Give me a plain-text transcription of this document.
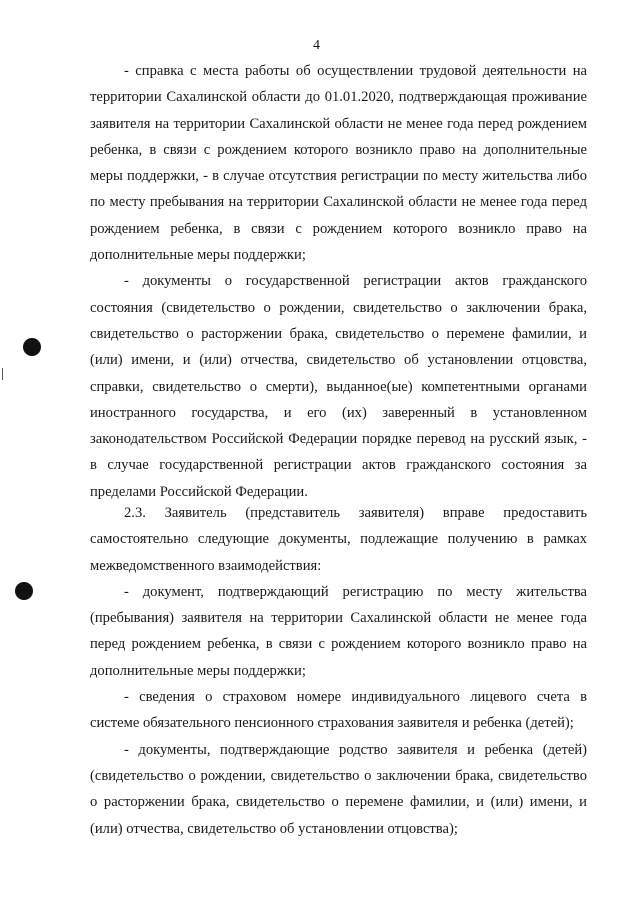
4

- справка с места работы об осуществлении трудовой деятельности на территории Сахалинской области до 01.01.2020, подтверждающая проживание заявителя на территории Сахалинской области не менее года перед рождением ребенка, в связи с рождением которого возникло право на дополнительные меры поддержки, - в случае отсутствия регистрации по месту жительства либо по месту пребывания на территории Сахалинской области не менее года перед рождением ребенка, в связи с рождением которого возникло право на дополнительные меры поддержки;

- документы о государственной регистрации актов гражданского состояния (свидетельство о рождении, свидетельство о заключении брака, свидетельство о расторжении брака, свидетельство о перемене фамилии, и (или) имени, и (или) отчества, свидетельство об установлении отцовства, справки, свидетельство о смерти), выданное(ые) компетентными органами иностранного государства, и его (их) заверенный в установленном законодательством Российской Федерации порядке перевод на русский язык, - в случае государственной регистрации актов гражданского состояния за пределами Российской Федерации.

2.3. Заявитель (представитель заявителя) вправе предоставить самостоятельно следующие документы, подлежащие получению в рамках межведомственного взаимодействия:

- документ, подтверждающий регистрацию по месту жительства (пребывания) заявителя на территории Сахалинской области не менее года перед рождением ребенка, в связи с рождением которого возникло право на дополнительные меры поддержки;

- сведения о страховом номере индивидуального лицевого счета в системе обязательного пенсионного страхования заявителя и ребенка (детей);

- документы, подтверждающие родство заявителя и ребенка (детей) (свидетельство о рождении, свидетельство о заключении брака, свидетельство о расторжении брака, свидетельство о перемене фамилии, и (или) имени, и (или) отчества, свидетельство об установлении отцовства);
